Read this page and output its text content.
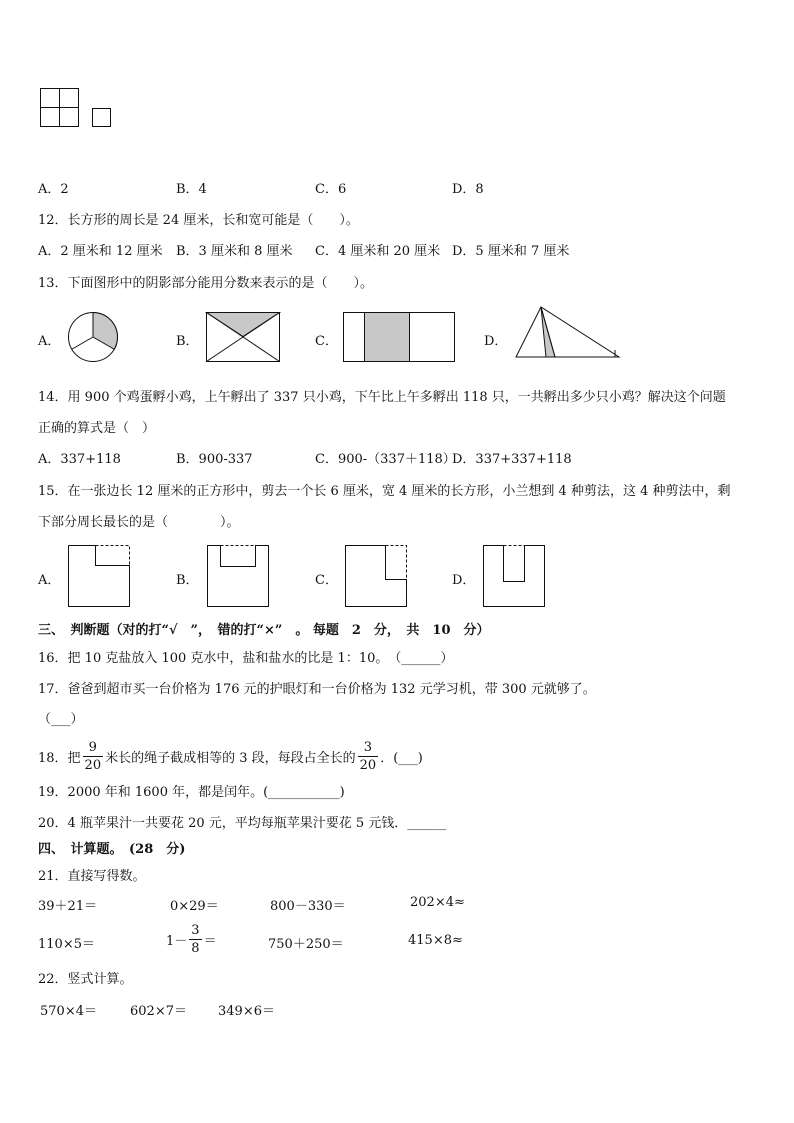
A．2	B．4	C．6	D．8
12．长方形的周长是 24 厘米，长和宽可能是（　　）。
A．2 厘米和 12 厘米 B．3 厘米和 8 厘米 C．4 厘米和 20 厘米 D．5 厘米和 7 厘米
13．下面图形中的阴影部分能用分数来表示的是（　　）。
A．	B．	C．	D．
14．用 900 个鸡蛋孵小鸡，上午孵出了 337 只小鸡，下午比上午多孵出 118 只，一共孵出多少只小鸡？解决这个问题
正确的算式是（　）
A．337+118	B．900-337	C．900-（337＋118）
D．337+337+118
15．在一张边长 12 厘米的正方形中，剪去一个长 6 厘米，宽 4 厘米的长方形，小兰想到 4 种剪法，这 4 种剪法中，剩
下部分周长最长的是（　　　　）。
A．	B．	C．	D．
三、　判断题（对的打“√　”，　错的打“×”　。 每题　2　分，　共　10　分）
16．把 10 克盐放入 100 克水中，盐和盐水的比是 1：10。　（______）
17．爸爸到超市买一台价格为 176 元的护眼灯和一台价格为 132 元学习机，带 300 元就够了。
（___）
18．把 $\frac{9}{20}$ 米长的绳子截成相等的 3 段，每段占全长的 $\frac{3}{20}$ ．(___)
19．2000 年和 1600 年，都是闰年。(___________)
20．4 瓶苹果汁一共要花 20 元，平均每瓶苹果汁要花 5 元钱．______
四、　计算题。　(28　分)
21．直接写得数。
39＋21＝	0×29＝	800－330＝	202×4≈
110×5＝	$1- \frac{3}{8}$ ＝	750＋250＝	415×8≈
22．竖式计算。
570×4＝	602×7＝ 349×6＝
